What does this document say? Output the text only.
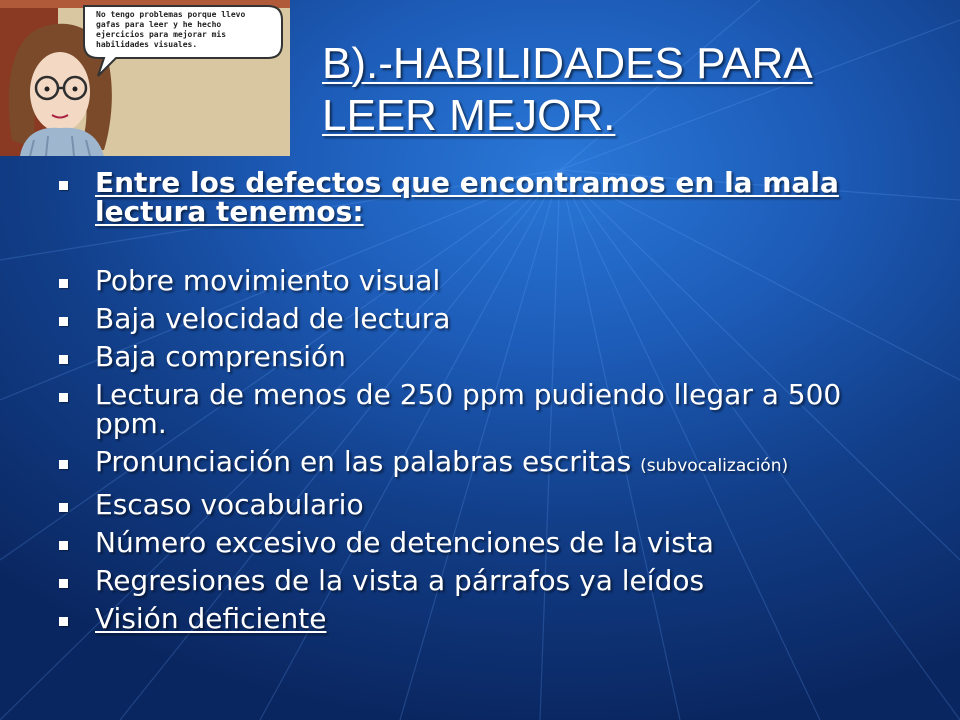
No tengo problemas porque llevo gafas para leer y he hecho ejercicios para mejorar mis habilidades visuales.	B).-HABILIDADES PARA LEER MEJOR.
Entre los defectos que encontramos en la mala lectura tenemos:
Pobre movimiento visual
Baja velocidad de lectura
Baja comprensión
Lectura de menos de 250 ppm pudiendo llegar a 500 ppm.
Pronunciación en las palabras escritas (subvocalización)
Escaso vocabulario
Número excesivo de detenciones de la vista
Regresiones de la vista a párrafos ya leídos
Visión deficiente
